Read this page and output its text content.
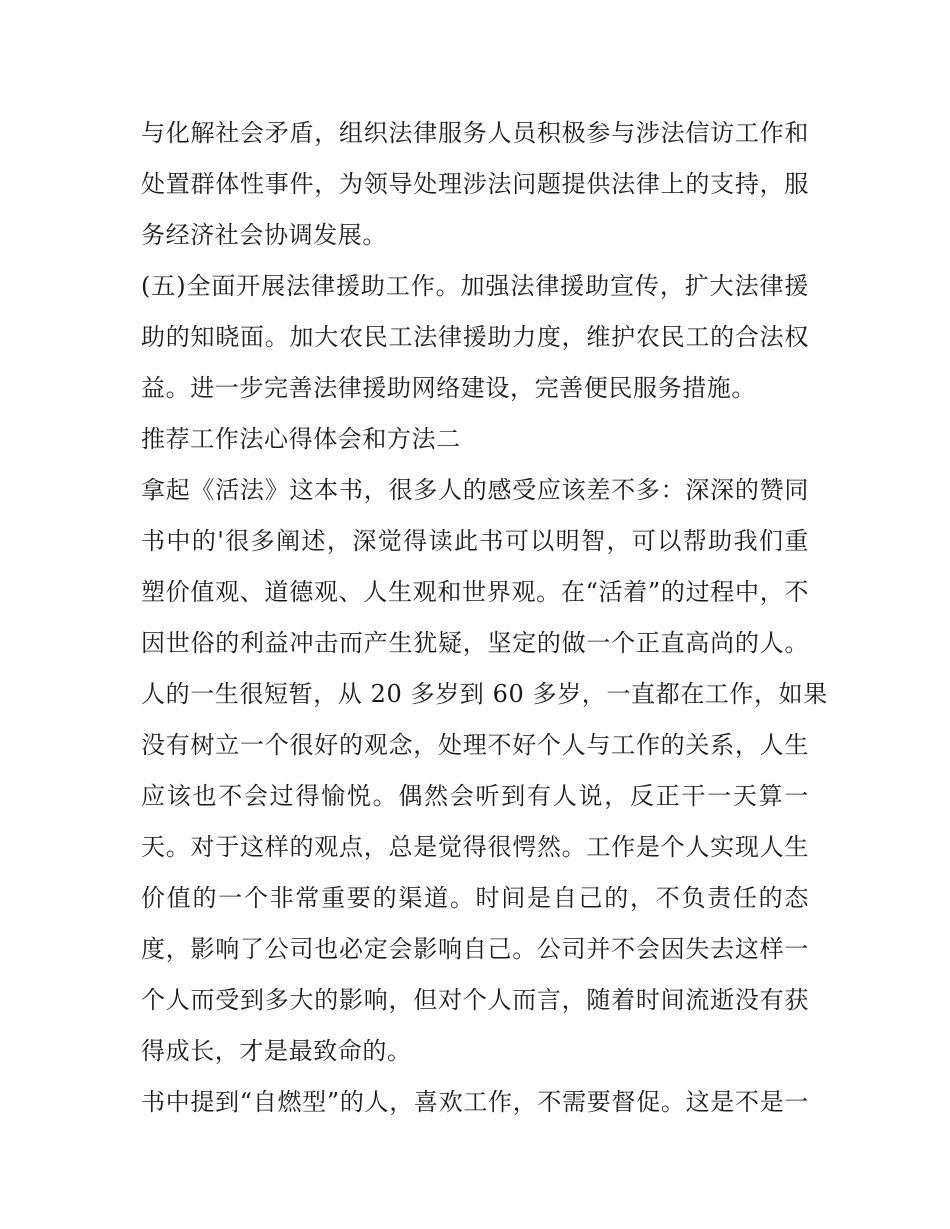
与化解社会矛盾，组织法律服务人员积极参与涉法信访工作和
处置群体性事件，为领导处理涉法问题提供法律上的支持，服
务经济社会协调发展。
(五)全面开展法律援助工作。加强法律援助宣传，扩大法律援
助的知晓面。加大农民工法律援助力度，维护农民工的合法权
益。进一步完善法律援助网络建设，完善便民服务措施。
推荐工作法心得体会和方法二
拿起《活法》这本书，很多人的感受应该差不多：深深的赞同
书中的'很多阐述，深觉得读此书可以明智，可以帮助我们重
塑价值观、道德观、人生观和世界观。在“活着”的过程中，不
因世俗的利益冲击而产生犹疑，坚定的做一个正直高尚的人。
人的一生很短暂，从 20 多岁到 60 多岁，一直都在工作，如果
没有树立一个很好的观念，处理不好个人与工作的关系，人生
应该也不会过得愉悦。偶然会听到有人说，反正干一天算一
天。对于这样的观点，总是觉得很愕然。工作是个人实现人生
价值的一个非常重要的渠道。时间是自己的，不负责任的态
度，影响了公司也必定会影响自己。公司并不会因失去这样一
个人而受到多大的影响，但对个人而言，随着时间流逝没有获
得成长，才是最致命的。
书中提到“自燃型”的人，喜欢工作，不需要督促。这是不是一
